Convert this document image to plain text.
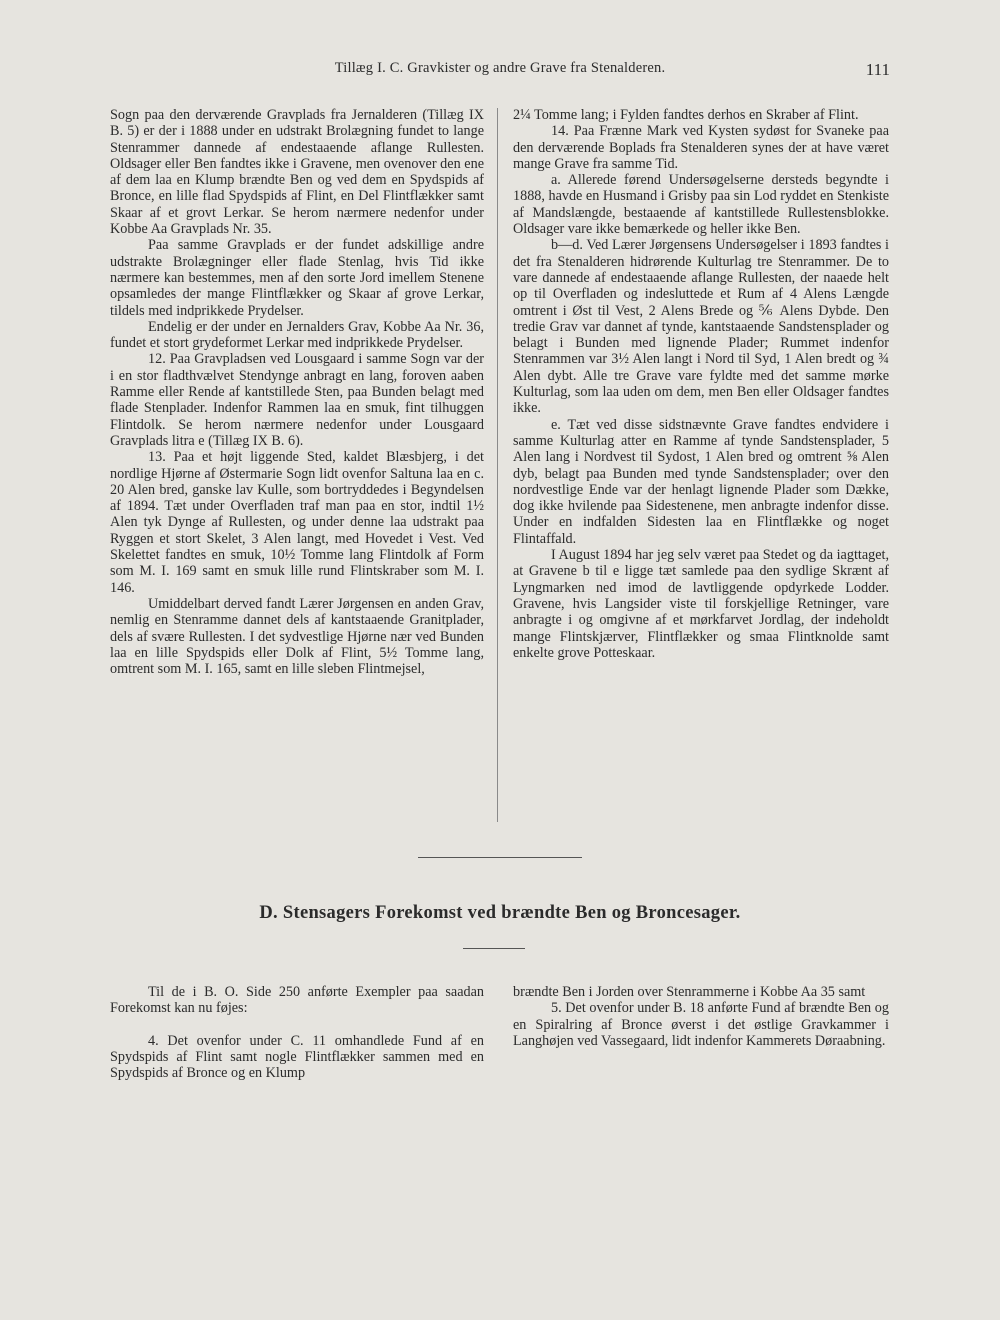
Tillæg I. C. Gravkister og andre Grave fra Stenalderen.	111

Sogn paa den derværende Gravplads fra Jernalderen (Tillæg IX B. 5) er der i 1888 under en udstrakt Brolægning fundet to lange Stenrammer dannede af endestaaende aflange Rullesten. Oldsager eller Ben fandtes ikke i Gravene, men ovenover den ene af dem laa en Klump brændte Ben og ved dem en Spydspids af Bronce, en lille flad Spydspids af Flint, en Del Flintflækker samt Skaar af et grovt Lerkar. Se herom nærmere nedenfor under Kobbe Aa Gravplads Nr. 35.

Paa samme Gravplads er der fundet adskillige andre udstrakte Brolægninger eller flade Stenlag, hvis Tid ikke nærmere kan bestemmes, men af den sorte Jord imellem Stenene opsamledes der mange Flintflækker og Skaar af grove Lerkar, tildels med indprikkede Prydelser.

Endelig er der under en Jernalders Grav, Kobbe Aa Nr. 36, fundet et stort grydeformet Lerkar med indprikkede Prydelser.

12. Paa Gravpladsen ved Lousgaard i samme Sogn var der i en stor fladthvælvet Stendynge anbragt en lang, foroven aaben Ramme eller Rende af kantstillede Sten, paa Bunden belagt med flade Stenplader. Indenfor Rammen laa en smuk, fint tilhuggen Flintdolk. Se herom nærmere nedenfor under Lousgaard Gravplads litra e (Tillæg IX B. 6).

13. Paa et højt liggende Sted, kaldet Blæsbjerg, i det nordlige Hjørne af Østermarie Sogn lidt ovenfor Saltuna laa en c. 20 Alen bred, ganske lav Kulle, som bortryddedes i Begyndelsen af 1894. Tæt under Overfladen traf man paa en stor, indtil 1½ Alen tyk Dynge af Rullesten, og under denne laa udstrakt paa Ryggen et stort Skelet, 3 Alen langt, med Hovedet i Vest. Ved Skelettet fandtes en smuk, 10½ Tomme lang Flintdolk af Form som M. I. 169 samt en smuk lille rund Flintskraber som M. I. 146.

Umiddelbart derved fandt Lærer Jørgensen en anden Grav, nemlig en Stenramme dannet dels af kantstaaende Granitplader, dels af svære Rullesten. I det sydvestlige Hjørne nær ved Bunden laa en lille Spydspids eller Dolk af Flint, 5½ Tomme lang, omtrent som M. I. 165, samt en lille sleben Flintmejsel,

2¼ Tomme lang; i Fylden fandtes derhos en Skraber af Flint.

14. Paa Frænne Mark ved Kysten sydøst for Svaneke paa den derværende Boplads fra Stenalderen synes der at have været mange Grave fra samme Tid.

a. Allerede førend Undersøgelserne dersteds begyndte i 1888, havde en Husmand i Grisby paa sin Lod ryddet en Stenkiste af Mandslængde, bestaaende af kantstillede Rullestensblokke. Oldsager vare ikke bemærkede og heller ikke Ben.

b—d. Ved Lærer Jørgensens Undersøgelser i 1893 fandtes i det fra Stenalderen hidrørende Kulturlag tre Stenrammer. De to vare dannede af endestaaende aflange Rullesten, der naaede helt op til Overfladen og indesluttede et Rum af 4 Alens Længde omtrent i Øst til Vest, 2 Alens Brede og ⅚ Alens Dybde. Den tredie Grav var dannet af tynde, kantstaaende Sandstensplader og belagt i Bunden med lignende Plader; Rummet indenfor Stenrammen var 3½ Alen langt i Nord til Syd, 1 Alen bredt og ¾ Alen dybt. Alle tre Grave vare fyldte med det samme mørke Kulturlag, som laa uden om dem, men Ben eller Oldsager fandtes ikke.

e. Tæt ved disse sidstnævnte Grave fandtes endvidere i samme Kulturlag atter en Ramme af tynde Sandstensplader, 5 Alen lang i Nordvest til Sydost, 1 Alen bred og omtrent ⅝ Alen dyb, belagt paa Bunden med tynde Sandstensplader; over den nordvestlige Ende var der henlagt lignende Plader som Dække, dog ikke hvilende paa Sidestenene, men anbragte indenfor disse. Under en indfalden Sidesten laa en Flintflække og noget Flintaffald.

I August 1894 har jeg selv været paa Stedet og da iagttaget, at Gravene b til e ligge tæt samlede paa den sydlige Skrænt af Lyngmarken ned imod de lavtliggende opdyrkede Lodder. Gravene, hvis Langsider viste til forskjellige Retninger, vare anbragte i og omgivne af et mørkfarvet Jordlag, der indeholdt mange Flintskjærver, Flintflækker og smaa Flintknolde samt enkelte grove Potteskaar.

D. Stensagers Forekomst ved brændte Ben og Broncesager.

Til de i B. O. Side 250 anførte Exempler paa saadan Forekomst kan nu føjes:

4. Det ovenfor under C. 11 omhandlede Fund af en Spydspids af Flint samt nogle Flintflækker sammen med en Spydspids af Bronce og en Klump

brændte Ben i Jorden over Stenrammerne i Kobbe Aa 35 samt

5. Det ovenfor under B. 18 anførte Fund af brændte Ben og en Spiralring af Bronce øverst i det østlige Gravkammer i Langhøjen ved Vassegaard, lidt indenfor Kammerets Døraabning.
